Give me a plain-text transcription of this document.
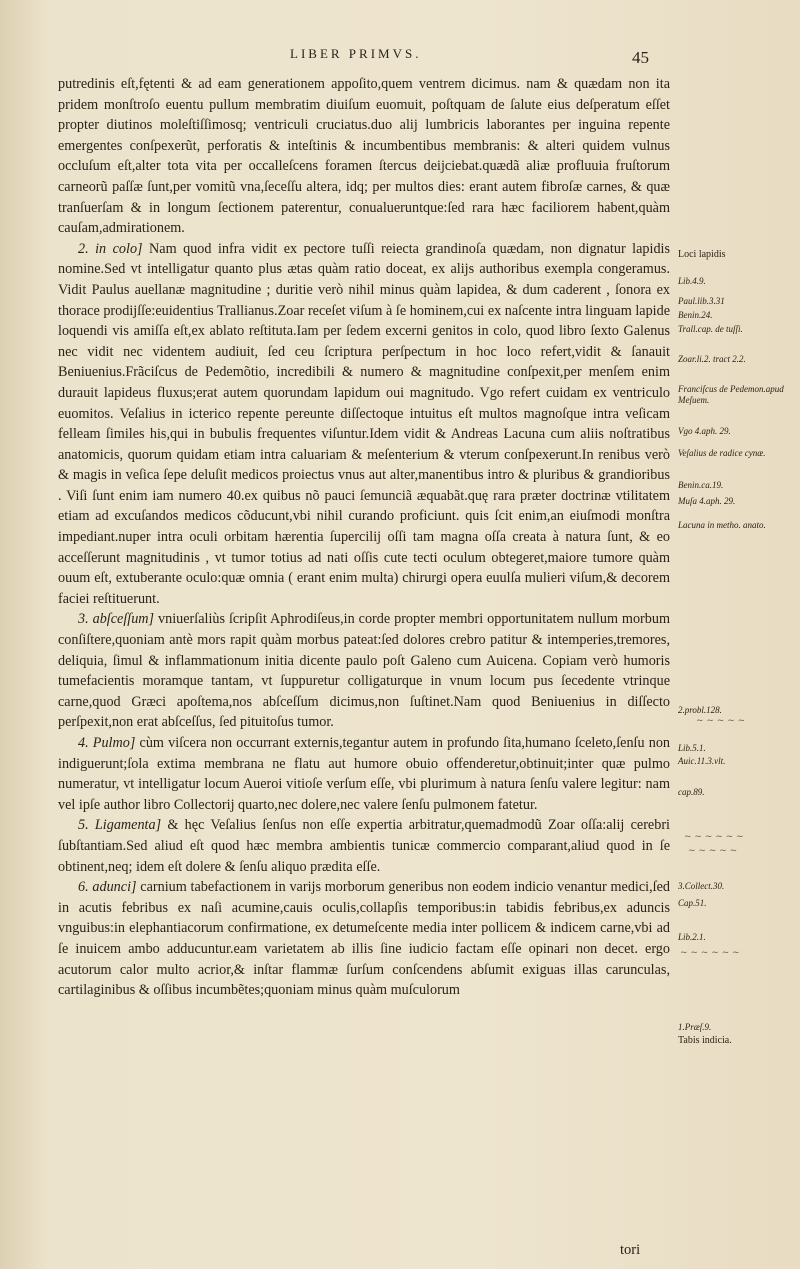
LIBER PRIMVS.	45

putredinis eſt,fętenti & ad eam generationem appoſito,quem ventrem dicimus. nam & quædam non ita pridem monſtroſo euentu pullum membratim diuiſum euomuit, poſtquam de ſalute eius deſperatum eſſet propter diutinos moleſtiſſimosq; ventriculi cruciatus.duo alij lumbricis laborantes per inguina repente emergentes conſpexerũt, perforatis & inteſtinis & incumbentibus membranis: & alteri quidem vulnus occluſum eſt,alter tota vita per occalleſcens foramen ſtercus deijciebat.quædã aliæ profluuia fruſtorum carneorũ paſſæ ſunt,per vomitũ vna,ſeceſſu altera, idq; per multos dies: erant autem fibroſæ carnes, & quæ tranſuerſam & in longum ſectionem paterentur, conualueruntque:ſed rara hæc faciliorem habent,quàm cauſam,admirationem.

2. in colo] Nam quod infra vidit ex pectore tuſſi reiecta grandinoſa quædam, non dignatur lapidis nomine.Sed vt intelligatur quanto plus ætas quàm ratio doceat, ex alijs authoribus exempla congeramus. Vidit Paulus auellanæ magnitudine ; duritie verò nihil minus quàm lapidea, & dum caderent , ſonora ex thorace prodijſſe:euidentius Trallianus.Zoar receſet viſum à ſe hominem,cui ex naſcente intra linguam lapide loquendi vis amiſſa eſt,ex ablato reſtituta.Iam per ſedem excerni genitos in colo, quod libro ſexto Galenus nec vidit nec videntem audiuit, ſed ceu ſcriptura perſpectum in hoc loco refert,vidit & ſanauit Beniuenius.Frãciſcus de Pedemõtio, incredibili & numero & magnitudine conſpexit,per menſem enim durauit lapideus fluxus;erat autem quorundam lapidum oui magnitudo. Vgo refert cuidam ex ventriculo euomitos. Veſalius in icterico repente pereunte diſſectoque intuitus eſt multos magnoſque intra veſicam felleam ſimiles his,qui in bubulis frequentes viſuntur.Idem vidit & Andreas Lacuna cum aliis noſtratibus anatomicis, quorum quidam etiam intra caluariam & meſenterium & vterum conſpexerunt.In renibus verò & magis in veſica ſepe deluſit medicos proiectus vnus aut alter,manentibus intro & pluribus & grandioribus . Viſi ſunt enim iam numero 40.ex quibus nõ pauci ſemunciã æquabãt.quę rara præter doctrinæ vtilitatem etiam ad excuſandos medicos cõducunt,vbi nihil curando proficiunt. quis ſcit enim,an eiuſmodi monſtra impediant.nuper intra oculi orbitam hærentia ſupercilij oſſi tam magna oſſa creata à natura ſunt, & eo acceſſerunt magnitudinis , vt tumor totius ad nati oſſis cute tecti oculum obtegeret,maiore tumore quàm ouum eſt, extuberante oculo:quæ omnia ( erant enim multa) chirurgi opera euulſa mulieri viſum,& decorem faciei reſtituerunt.

3. abſceſſum] vniuerſaliùs ſcripſit Aphrodiſeus,in corde propter membri opportunitatem nullum morbum conſiſtere,quoniam antè mors rapit quàm morbus pateat:ſed dolores crebro patitur & intemperies,tremores, deliquia, ſimul & inflammationum initia dicente paulo poſt Galeno cum Auicena. Copiam verò humoris tumefacientis moramque tantam, vt ſuppuretur colligaturque in vnum locum pus ſecedente vtrinque carne,quod Græci apoſtema,nos abſceſſum dicimus,non ſuſtinet.Nam quod Beniuenius in diſſecto perſpexit,non erat abſceſſus, ſed pituitoſus tumor.

4. Pulmo] cùm viſcera non occurrant externis,tegantur autem in profundo ſita,humano ſceleto,ſenſu non indiguerunt;ſola extima membrana ne flatu aut humore obuio offenderetur,obtinuit;inter quæ pulmo numeratur, vt intelligatur locum Aueroi vitioſe verſum eſſe, vbi plurimum à natura ſenſu valere legitur: nam vel ipſe author libro Collectorij quarto,nec dolere,nec valere ſenſu pulmonem fatetur.

5. Ligamenta] & hęc Veſalius ſenſus non eſſe expertia arbitratur,quemadmodũ Zoar oſſa:alij cerebri ſubſtantiam.Sed aliud eſt quod hæc membra ambientis tunicæ commercio comparant,aliud quod in ſe obtinent,neq; idem eſt dolere & ſenſu aliquo prædita eſſe.

6. adunci] carnium tabefactionem in varijs morborum generibus non eodem indicio venantur medici,ſed in acutis febribus ex naſi acumine,cauis oculis,collapſis temporibus:in tabidis febribus,ex aduncis vnguibus:in elephantiacorum confirmatione, ex detumeſcente media inter pollicem & indicem carne,vbi ad ſe inuicem ambo adducuntur.eam varietatem ab illis ſine iudicio factam eſſe opinari non decet. ergo acutorum calor multo acrior,& inſtar flammæ ſurſum conſcendens abſumit exiguas illas carunculas, cartilaginibus & oſſibus incumbẽtes;quoniam minus quàm muſculorum

Loci lapidis
Lib.4.9.
Paul.lib.3.31
Benin.24.
Trall.cap. de tuſſi.
Zoar.li.2. tract 2.2.
Franciſcus de Pedemon.apud Meſuem.
Vgo 4.aph. 29.
Veſalius de radice cynæ.
Benin.ca.19.
Muſa 4.aph. 29.
Lacuna in metho. anato.
2.probl.128.
~ ~ ~ ~ ~
Lib.5.1.
Auic.11.3.vlt.
cap.89.
~ ~ ~ ~ ~ ~
~ ~ ~ ~ ~
3.Collect.30.
Cap.51.
Lib.2.1.
~ ~ ~ ~ ~ ~
1.Præſ.9.
Tabis indicia.
tori
